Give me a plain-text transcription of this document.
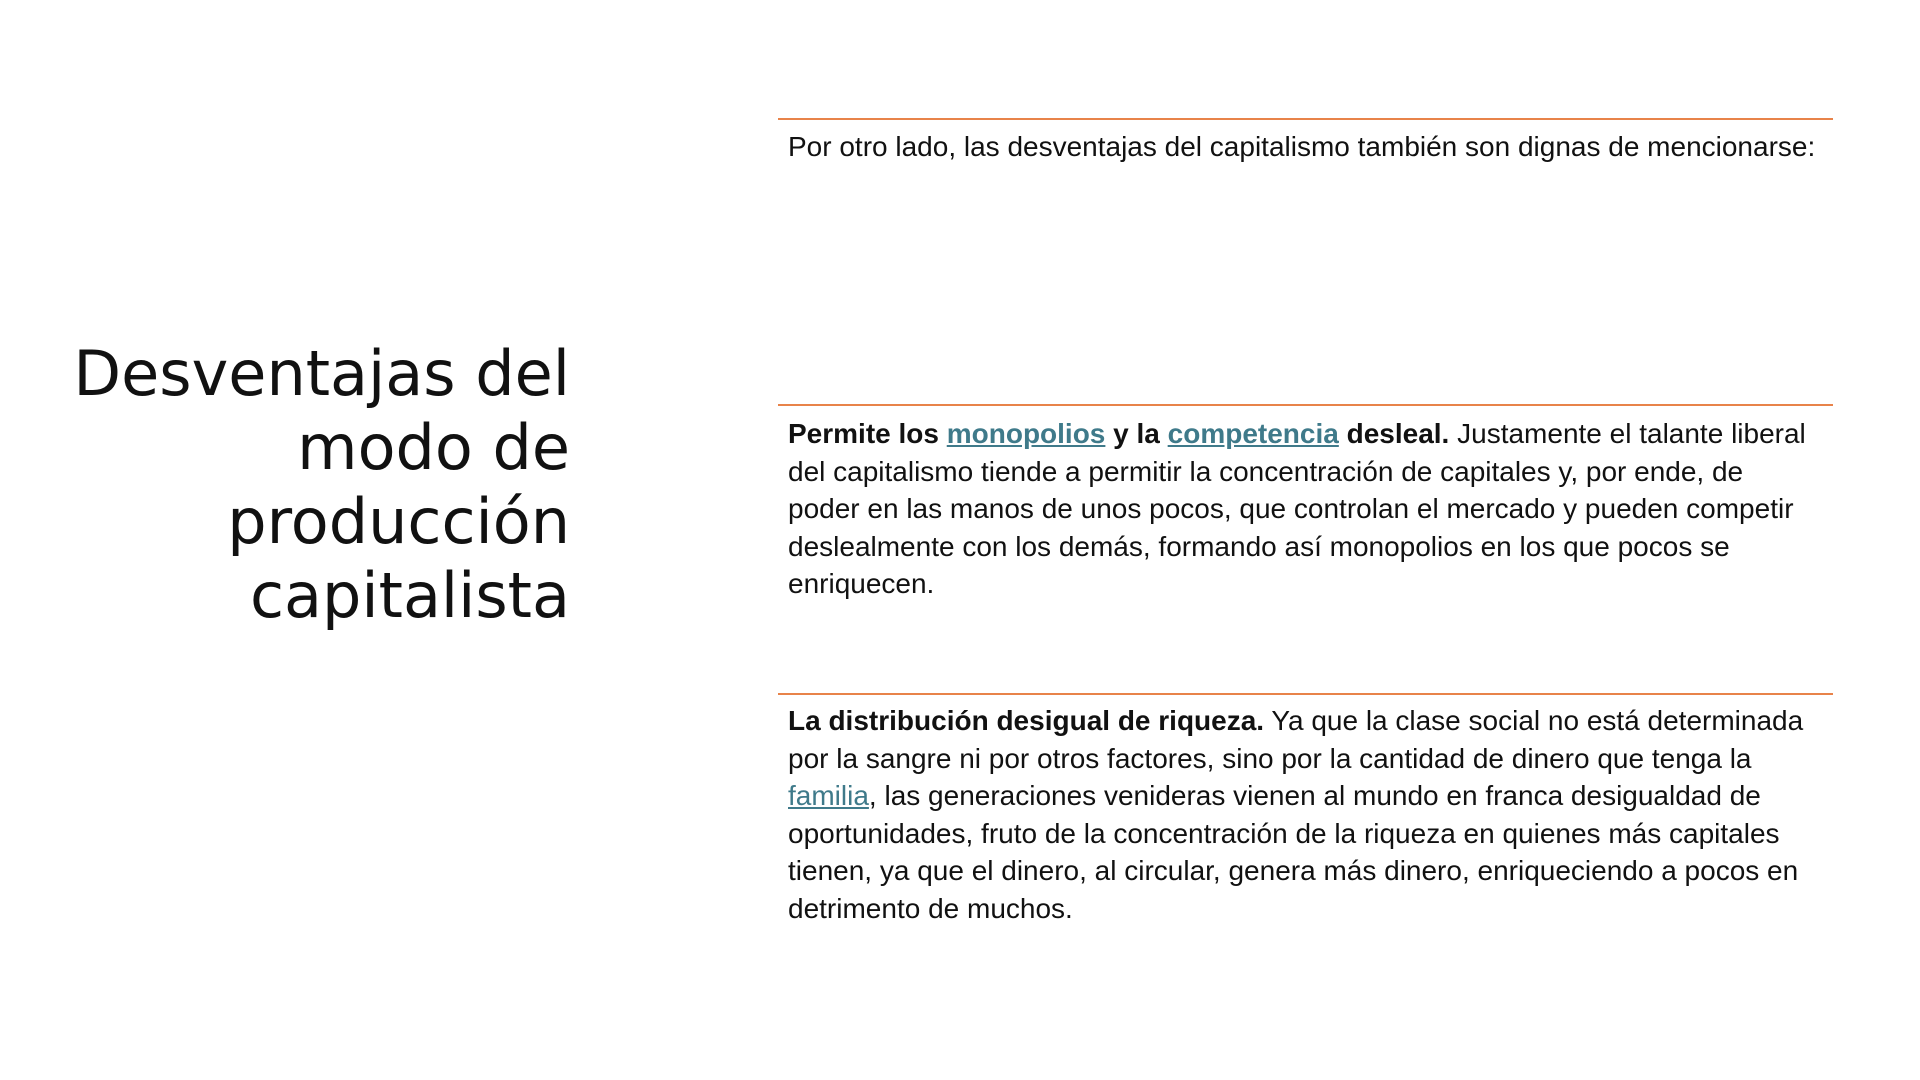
Desventajas del modo de producción capitalista
Por otro lado, las desventajas del capitalismo también son dignas de mencionarse:
Permite los monopolios y la competencia desleal. Justamente el talante liberal del capitalismo tiende a permitir la concentración de capitales y, por ende, de poder en las manos de unos pocos, que controlan el mercado y pueden competir deslealmente con los demás, formando así monopolios en los que pocos se enriquecen.
La distribución desigual de riqueza. Ya que la clase social no está determinada por la sangre ni por otros factores, sino por la cantidad de dinero que tenga la familia, las generaciones venideras vienen al mundo en franca desigualdad de oportunidades, fruto de la concentración de la riqueza en quienes más capitales tienen, ya que el dinero, al circular, genera más dinero, enriqueciendo a pocos en detrimento de muchos.
